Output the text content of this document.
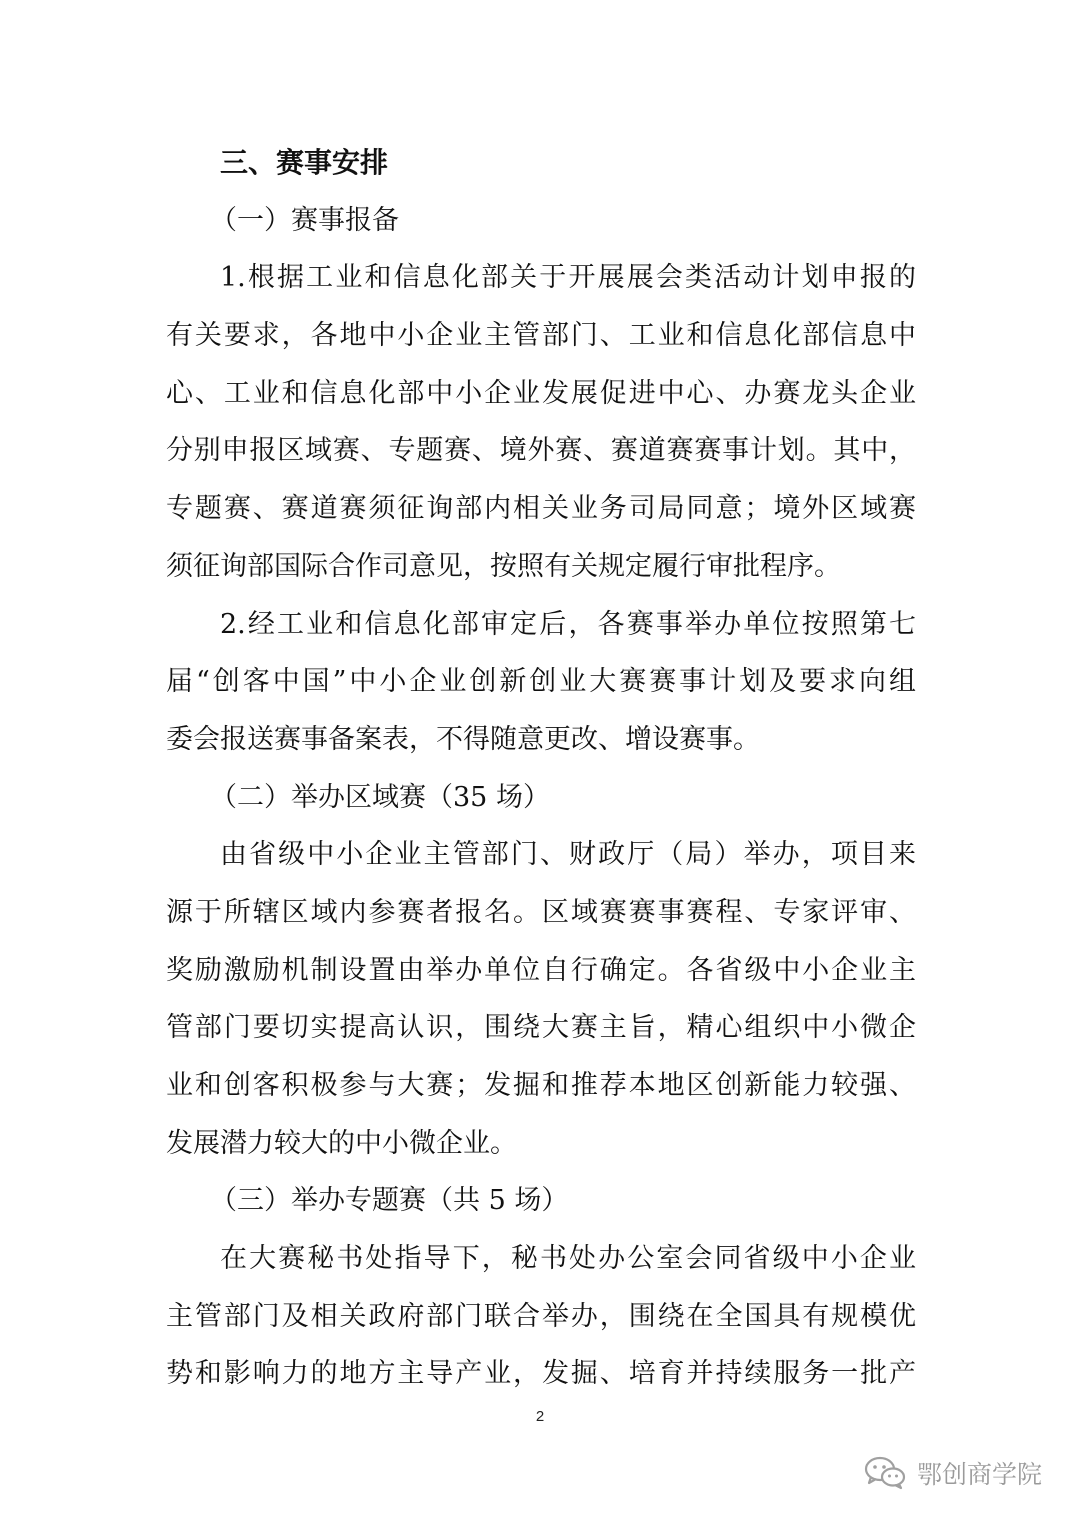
三、赛事安排
（一）赛事报备
1.根据工业和信息化部关于开展展会类活动计划申报的
有关要求，各地中小企业主管部门、工业和信息化部信息中
心、工业和信息化部中小企业发展促进中心、办赛龙头企业
分别申报区域赛、专题赛、境外赛、赛道赛赛事计划。其中，
专题赛、赛道赛须征询部内相关业务司局同意；境外区域赛
须征询部国际合作司意见，按照有关规定履行审批程序。
2.经工业和信息化部审定后，各赛事举办单位按照第七
届“创客中国”中小企业创新创业大赛赛事计划及要求向组
委会报送赛事备案表，不得随意更改、增设赛事。
（二）举办区域赛（35 场）
由省级中小企业主管部门、财政厅（局）举办，项目来
源于所辖区域内参赛者报名。区域赛赛事赛程、专家评审、
奖励激励机制设置由举办单位自行确定。各省级中小企业主
管部门要切实提高认识，围绕大赛主旨，精心组织中小微企
业和创客积极参与大赛；发掘和推荐本地区创新能力较强、
发展潜力较大的中小微企业。
（三）举办专题赛（共 5 场）
在大赛秘书处指导下，秘书处办公室会同省级中小企业
主管部门及相关政府部门联合举办，围绕在全国具有规模优
势和影响力的地方主导产业，发掘、培育并持续服务一批产
2
鄂创商学院
